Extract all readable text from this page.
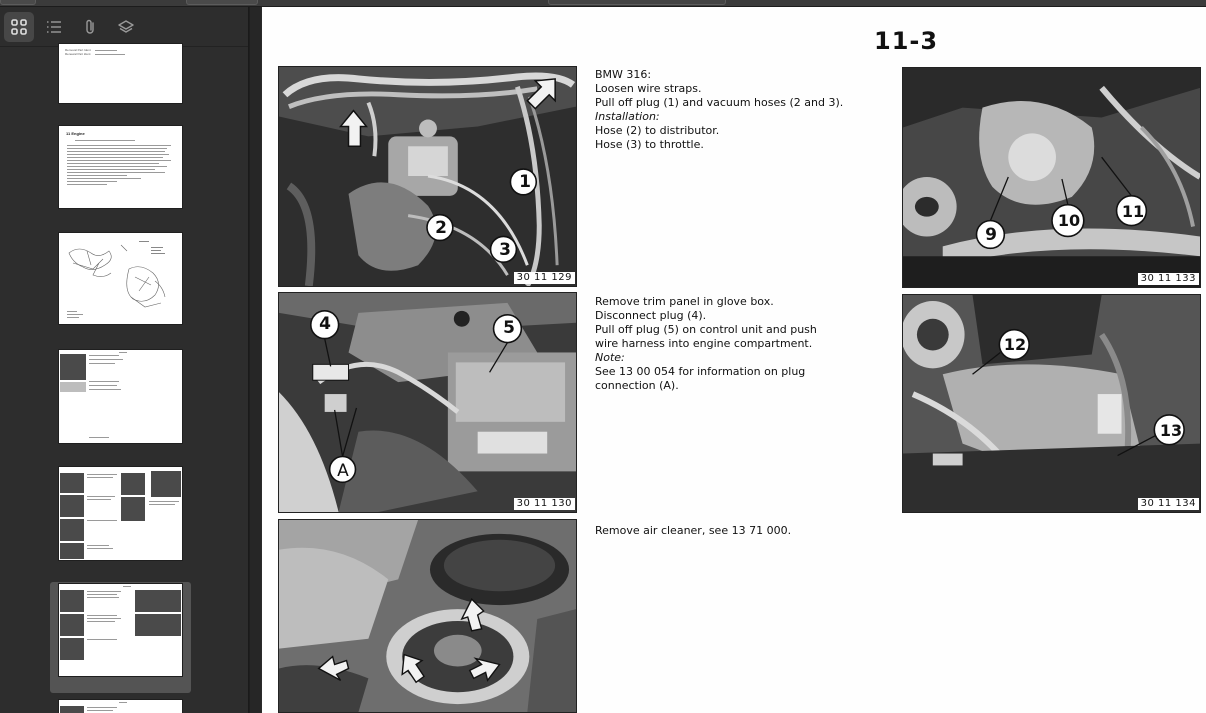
Removal Part Ident
Renewal Part Ident
11 Engine
11-3
1
2
3
30 11 129
4	5
A
30 11 130
9
10	11
30 11 133
12
13
30 11 134
BMW 316:
Loosen wire straps.
Pull off plug (1) and vacuum hoses (2 and 3).
Installation:
Hose (2) to distributor.
Hose (3) to throttle.
Remove trim panel in glove box.
Disconnect plug (4).
Pull off plug (5) on control unit and push
wire harness into engine compartment.
Note:
See 13 00 054 for information on plug
connection (A).
Remove air cleaner, see 13 71 000.
